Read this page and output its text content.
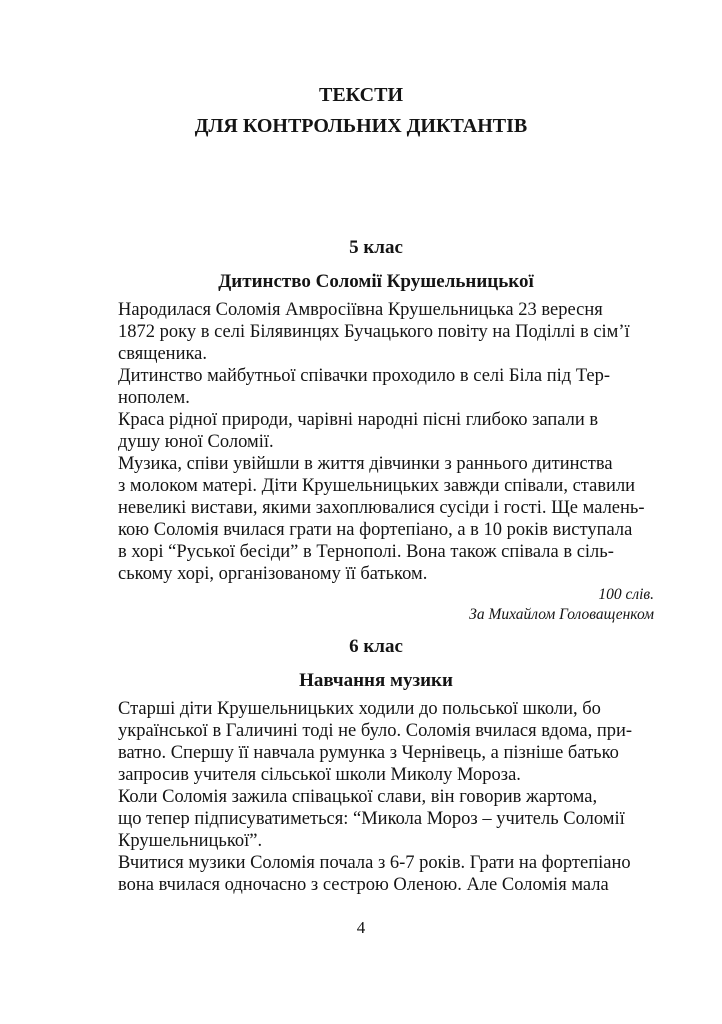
ТЕКСТИ
ДЛЯ КОНТРОЛЬНИХ ДИКТАНТІВ
5 клас
Дитинство Соломії Крушельницької

Народилася Соломія Амвросіївна Крушельницька 23 вересня
1872 року в селі Білявинцях Бучацького повіту на Поділлі в сім’ї
священика.

Дитинство майбутньої співачки проходило в селі Біла під Тер-
нополем.

Краса рідної природи, чарівні народні пісні глибоко запали в
душу юної Соломії.

Музика, співи увійшли в життя дівчинки з раннього дитинства
з молоком матері. Діти Крушельницьких завжди співали, ставили
невеликі вистави, якими захоплювалися сусіди і гості. Ще малень-
кою Соломія вчилася грати на фортепіано, а в 10 років виступала
в хорі “Руської бесіди” в Тернополі. Вона також співала в сіль-
ському хорі, організованому її батьком.

100 слів.

За Михайлом Головащенком

6 клас
Навчання музики

Старші діти Крушельницьких ходили до польської школи, бо
української в Галичині тоді не було. Соломія вчилася вдома, при-
ватно. Спершу її навчала румунка з Чернівець, а пізніше батько
запросив учителя сільської школи Миколу Мороза.

Коли Соломія зажила співацької слави, він говорив жартома,
що тепер підписуватиметься: “Микола Мороз – учитель Соломії
Крушельницької”.

Вчитися музики Соломія почала з 6-7 років. Грати на фортепіано
вона вчилася одночасно з сестрою Оленою. Але Соломія мала

4
